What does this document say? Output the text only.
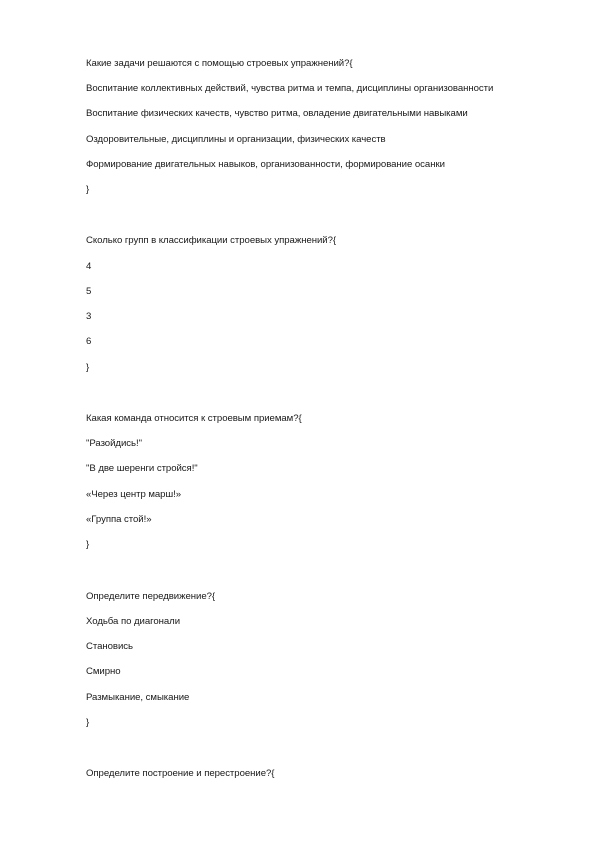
Какие задачи решаются с помощью строевых упражнений?{
Воспитание коллективных действий, чувства ритма и темпа, дисциплины организованности
Воспитание физических качеств, чувство ритма, овладение двигательными навыками
Оздоровительные, дисциплины и организации, физических качеств
Формирование двигательных навыков, организованности, формирование осанки
}
Сколько групп в классификации строевых упражнений?{
4
5
3
6
}
Какая команда относится к строевым приемам?{
"Разойдись!"
"В две шеренги стройся!"
«Через центр марш!»
«Группа стой!»
}
Определите передвижение?{
Ходьба по диагонали
Становись
Смирно
Размыкание, смыкание
}
Определите построение и перестроение?{
